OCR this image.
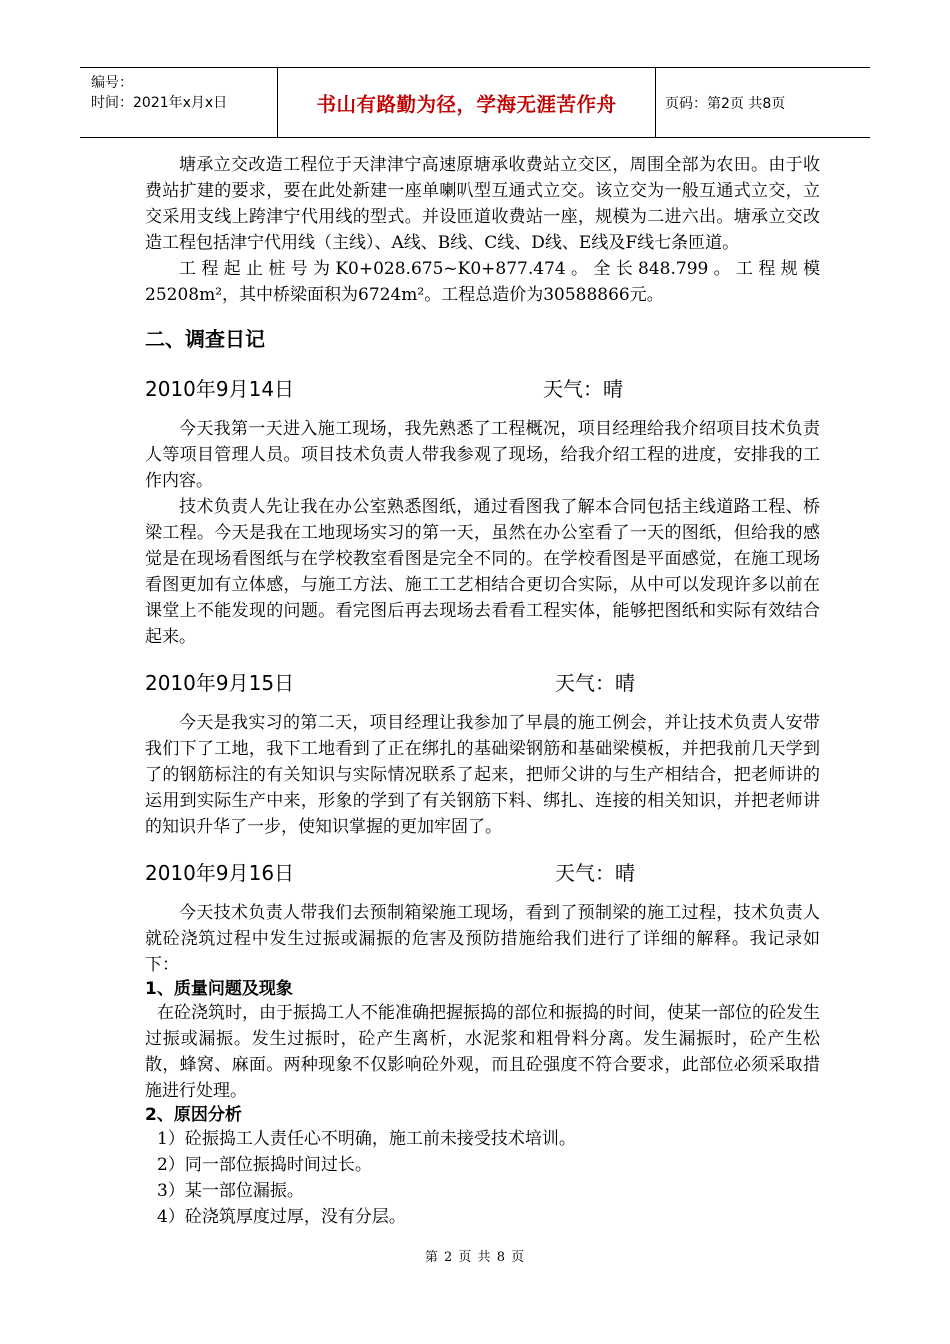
编号：
时间：2021年x月x日	书山有路勤为径，学海无涯苦作舟	页码：第2页 共8页

塘承立交改造工程位于天津津宁高速原塘承收费站立交区，周围全部为农田。由于收费站扩建的要求，要在此处新建一座单喇叭型互通式立交。该立交为一般互通式立交，立交采用支线上跨津宁代用线的型式。并设匝道收费站一座，规模为二进六出。塘承立交改造工程包括津宁代用线（主线）、A线、B线、C线、D线、E线及F线七条匝道。

工程起止桩号为K0+028.675~K0+877.474。全长848.799。工程规模25208m²，其中桥梁面积为6724m²。工程总造价为30588866元。

二、调查日记
2010年9月14日	天气：晴

今天我第一天进入施工现场，我先熟悉了工程概况，项目经理给我介绍项目技术负责人等项目管理人员。项目技术负责人带我参观了现场，给我介绍工程的进度，安排我的工作内容。

技术负责人先让我在办公室熟悉图纸，通过看图我了解本合同包括主线道路工程、桥梁工程。今天是我在工地现场实习的第一天，虽然在办公室看了一天的图纸，但给我的感觉是在现场看图纸与在学校教室看图是完全不同的。在学校看图是平面感觉，在施工现场看图更加有立体感，与施工方法、施工工艺相结合更切合实际，从中可以发现许多以前在课堂上不能发现的问题。看完图后再去现场去看看工程实体，能够把图纸和实际有效结合起来。

2010年9月15日	天气：晴

今天是我实习的第二天，项目经理让我参加了早晨的施工例会，并让技术负责人安带我们下了工地，我下工地看到了正在绑扎的基础梁钢筋和基础梁模板，并把我前几天学到了的钢筋标注的有关知识与实际情况联系了起来，把师父讲的与生产相结合，把老师讲的运用到实际生产中来，形象的学到了有关钢筋下料、绑扎、连接的相关知识，并把老师讲的知识升华了一步，使知识掌握的更加牢固了。

2010年9月16日	天气：晴

今天技术负责人带我们去预制箱梁施工现场，看到了预制梁的施工过程，技术负责人就砼浇筑过程中发生过振或漏振的危害及预防措施给我们进行了详细的解释。我记录如下：

1、质量问题及现象

在砼浇筑时，由于振捣工人不能准确把握振捣的部位和振捣的时间，使某一部位的砼发生过振或漏振。发生过振时，砼产生离析，水泥浆和粗骨料分离。发生漏振时，砼产生松散，蜂窝、麻面。两种现象不仅影响砼外观，而且砼强度不符合要求，此部位必须采取措施进行处理。

2、原因分析

1）砼振捣工人责任心不明确，施工前未接受技术培训。

2）同一部位振捣时间过长。

3）某一部位漏振。

4）砼浇筑厚度过厚，没有分层。

第 2 页 共 8 页
